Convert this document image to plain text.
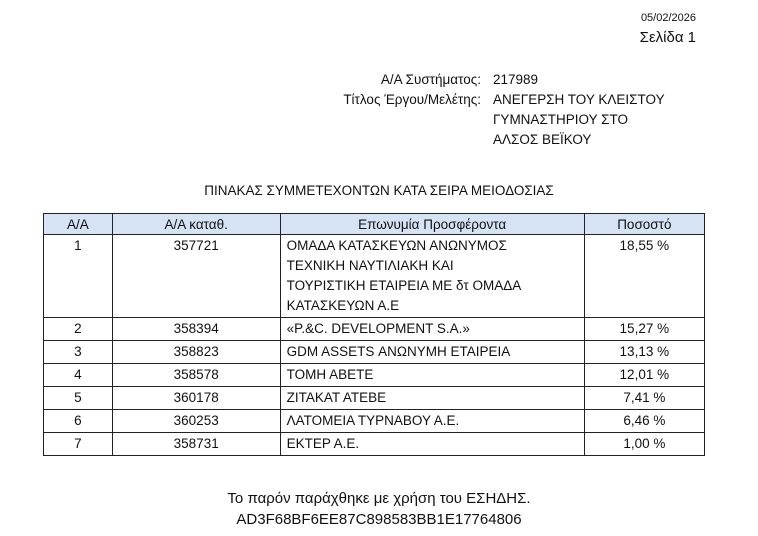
05/02/2026
Σελίδα 1
Α/Α Συστήματος: 217989
Τίτλος Έργου/Μελέτης: ΑΝΕΓΕΡΣΗ ΤΟΥ ΚΛΕΙΣΤΟΥ
ΓΥΜΝΑΣΤΗΡΙΟΥ ΣΤΟ
ΑΛΣΟΣ ΒΕΪΚΟΥ
ΠΙΝΑΚΑΣ ΣΥΜΜΕΤΕΧΟΝΤΩΝ ΚΑΤΑ ΣΕΙΡΑ ΜΕΙΟΔΟΣΙΑΣ
Α/Α	Α/Α καταθ.	Επωνυμία Προσφέροντα	Ποσοστό
1	357721	ΟΜΑΔΑ ΚΑΤΑΣΚΕΥΩΝ ΑΝΩΝΥΜΟΣ
ΤΕΧΝΙΚΗ ΝΑΥΤΙΛΙΑΚΗ ΚΑΙ
ΤΟΥΡΙΣΤΙΚΗ ΕΤΑΙΡΕΙΑ ΜΕ δτ ΟΜΑΔΑ
ΚΑΤΑΣΚΕΥΩΝ Α.Ε	18,55 %
2	358394	«P.&C. DEVELOPMENT S.A.»	15,27 %
3	358823	GDM ASSETS ΑΝΩΝΥΜΗ ΕΤΑΙΡΕΙΑ	13,13 %
4	358578	ΤΟΜΗ ΑΒΕΤΕ	12,01 %
5	360178	ΖΙΤΑΚΑΤ ΑΤΕΒΕ	7,41 %
6	360253	ΛΑΤΟΜΕΙΑ ΤΥΡΝΑΒΟΥ Α.Ε.	6,46 %
7	358731	ΕΚΤΕΡ Α.Ε.	1,00 %
Το παρόν παράχθηκε με χρήση του ΕΣΗΔΗΣ.
AD3F68BF6EE87C898583BB1E17764806
